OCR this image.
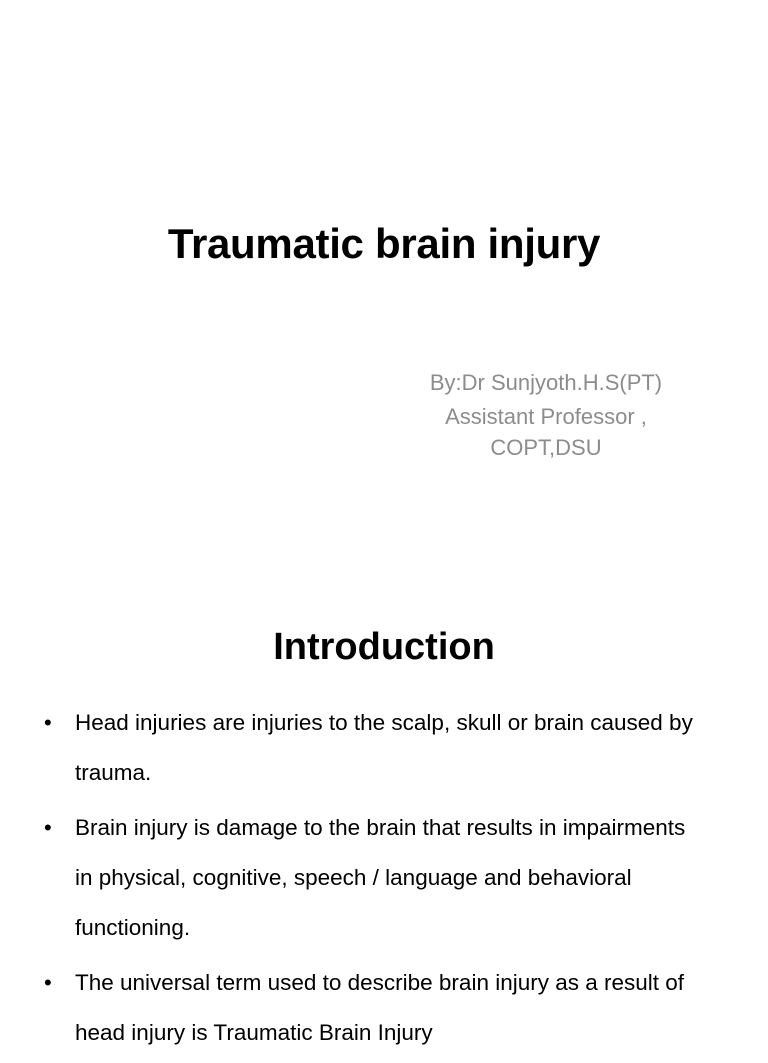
Traumatic brain injury
By:Dr Sunjyoth.H.S(PT)
Assistant Professor ,
COPT,DSU
Introduction
• Head injuries are injuries to the scalp, skull or brain caused by trauma.
• Brain injury is damage to the brain that results in impairments in physical, cognitive, speech / language and behavioral functioning.
• The universal term used to describe brain injury as a result of head injury is Traumatic Brain Injury
